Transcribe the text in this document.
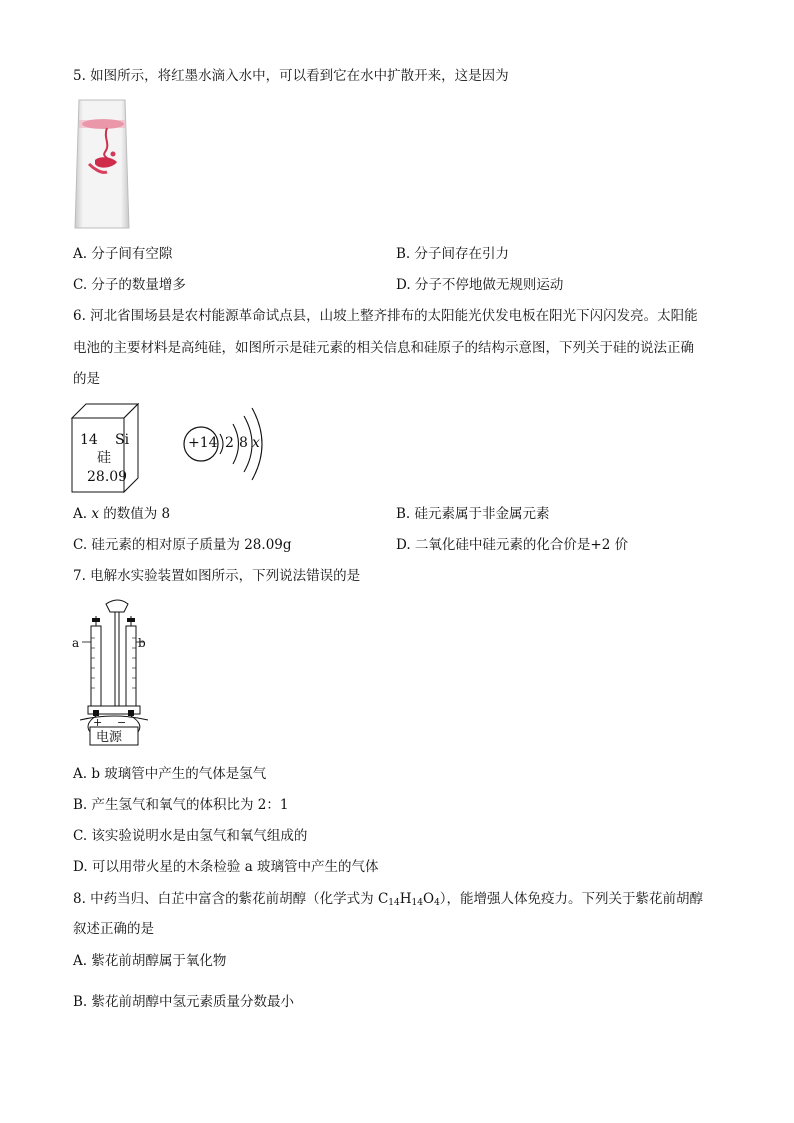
5. 如图所示，将红墨水滴入水中，可以看到它在水中扩散开来，这是因为
A. 分子间有空隙	B. 分子间存在引力
C. 分子的数量增多	D. 分子不停地做无规则运动
6. 河北省围场县是农村能源革命试点县，山坡上整齐排布的太阳能光伏发电板在阳光下闪闪发亮。太阳能
电池的主要材料是高纯硅，如图所示是硅元素的相关信息和硅原子的结构示意图，下列关于硅的说法正确
的是
14 Si
硅
28.09
+14 2 8 x
A. x 的数值为 8	B. 硅元素属于非金属元素
C. 硅元素的相对原子质量为 28.09g	D. 二氧化硅中硅元素的化合价是+2 价
7. 电解水实验装置如图所示，下列说法错误的是
a	b
+ −
电源
A. b 玻璃管中产生的气体是氢气
B. 产生氢气和氧气的体积比为 2：1
C. 该实验说明水是由氢气和氧气组成的
D. 可以用带火星的木条检验 a 玻璃管中产生的气体
8. 中药当归、白芷中富含的紫花前胡醇（化学式为 $C_{14}H_{14}O_4$），能增强人体免疫力。下列关于紫花前胡醇
叙述正确的是
A. 紫花前胡醇属于氧化物
B. 紫花前胡醇中氢元素质量分数最小
